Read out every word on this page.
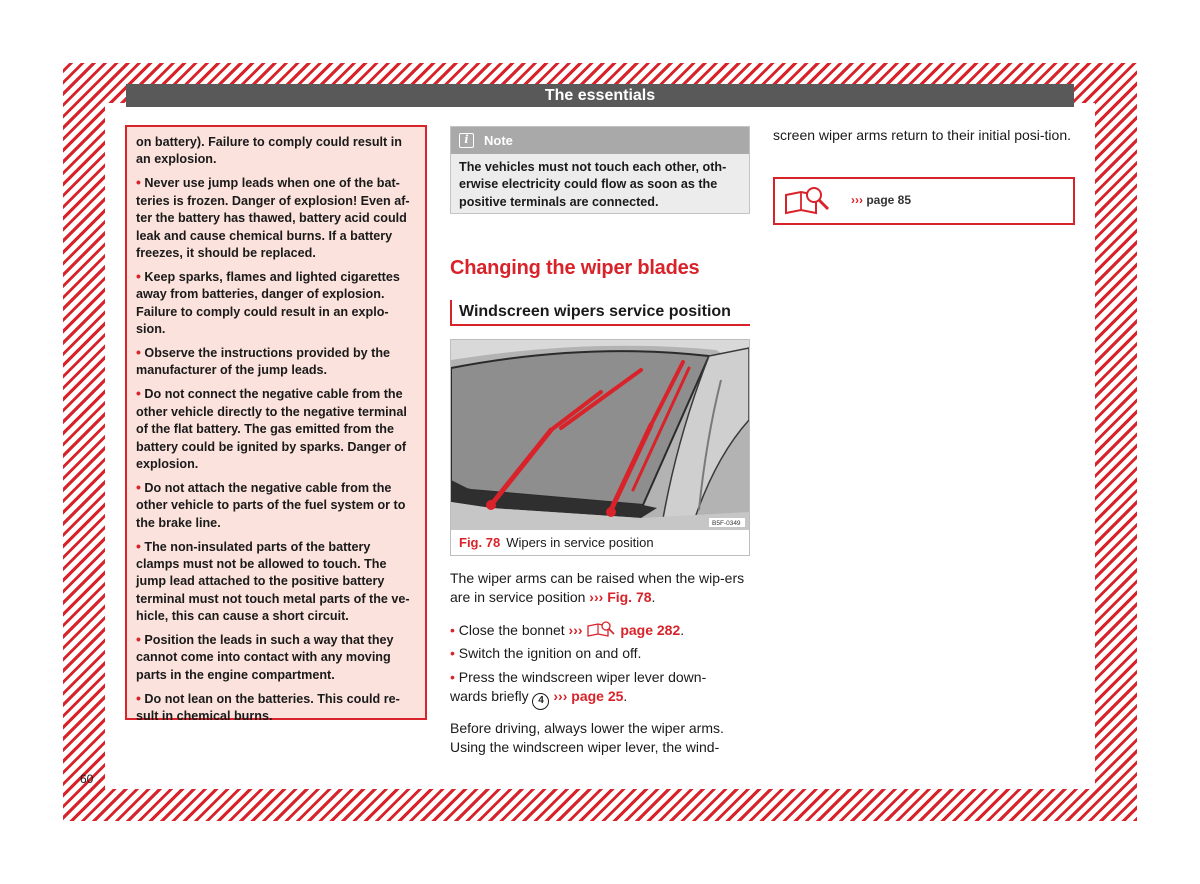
The essentials

on battery). Failure to comply could result in an explosion.

• Never use jump leads when one of the bat-teries is frozen. Danger of explosion! Even af-ter the battery has thawed, battery acid could leak and cause chemical burns. If a battery freezes, it should be replaced.

• Keep sparks, flames and lighted cigarettes away from batteries, danger of explosion. Failure to comply could result in an explo-sion.

• Observe the instructions provided by the manufacturer of the jump leads.

• Do not connect the negative cable from the other vehicle directly to the negative terminal of the flat battery. The gas emitted from the battery could be ignited by sparks. Danger of explosion.

• Do not attach the negative cable from the other vehicle to parts of the fuel system or to the brake line.

• The non-insulated parts of the battery clamps must not be allowed to touch. The jump lead attached to the positive battery terminal must not touch metal parts of the ve-hicle, this can cause a short circuit.

• Position the leads in such a way that they cannot come into contact with any moving parts in the engine compartment.

• Do not lean on the batteries. This could re-sult in chemical burns.

i	Note
The vehicles must not touch each other, oth-erwise electricity could flow as soon as the positive terminals are connected.
Changing the wiper blades
Windscreen wipers service position
B5F-0349
Fig. 78 Wipers in service position
The wiper arms can be raised when the wip-ers are in service position ››› Fig. 78.
• Close the bonnet ›››	page 282.
• Switch the ignition on and off.
• Press the windscreen wiper lever down-wards briefly 4 ››› page 25.
Before driving, always lower the wiper arms. Using the windscreen wiper lever, the wind-
screen wiper arms return to their initial posi-tion.
››› page 85
60
